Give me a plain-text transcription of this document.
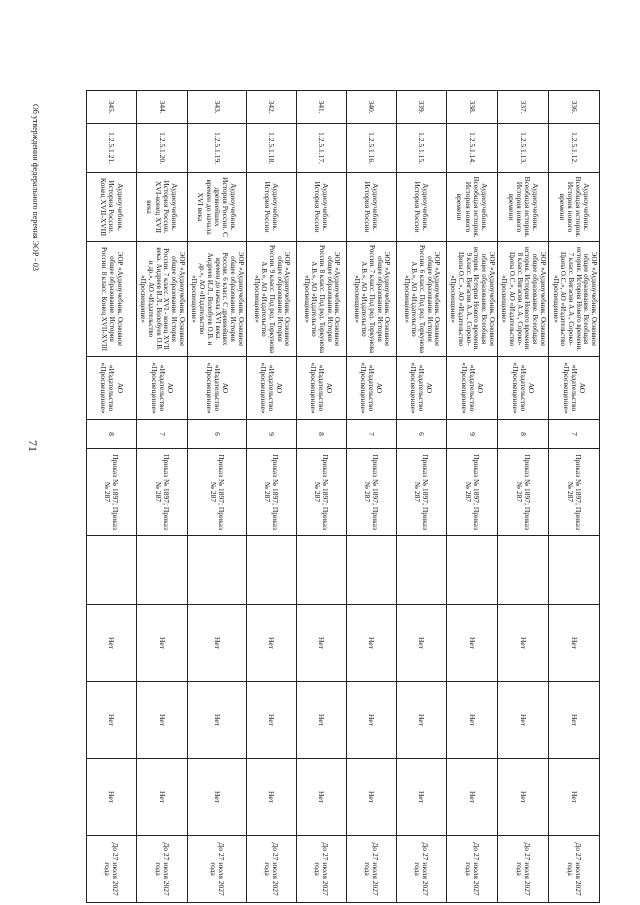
71
336.	1.2.5.1.12.	Аудиоучебник. Всеобщая история. История нового времени	ЭОР «Аудиоучебник. Основное общее образование. Всеобщая история. История Нового времени. 7 класс. Вигасин А.А., Сороко-Цюпа О.С.», АО «Издательство «Просвещение»	АО «Издательство «Просвещение»	7	Приказ № 1897; Приказ № 287		Нет	Нет	Нет	До 27 июля 2027 года
337.	1.2.5.1.13.	Аудиоучебник. Всеобщая история. История нового времени	ЭОР «Аудиоучебник. Основное общее образование. Всеобщая история. История Нового времени. 8 класс. Вигасин А.А., Сороко-Цюпа О.С.», АО «Издательство «Просвещение»	АО «Издательство «Просвещение»	8	Приказ № 1897; Приказ № 287		Нет	Нет	Нет	До 27 июля 2027 года
338.	1.2.5.1.14.	Аудиоучебник. Всеобщая история. История нового времени	ЭОР «Аудиоучебник. Основное общее образование. Всеобщая история. История Нового времени. 9 класс. Вигасин А.А., Сороко-Цюпа О.С.», АО «Издательство «Просвещение»	АО «Издательство «Просвещение»	9	Приказ № 1897; Приказ № 287		Нет	Нет	Нет	До 27 июля 2027 года
339.	1.2.5.1.15.	Аудиоучебник. История России	ЭОР «Аудиоучебник. Основное общее образование. История России. 6 класс. Под ред. Торкунова А.В.», АО «Издательство «Просвещение»	АО «Издательство «Просвещение»	6	Приказ № 1897; Приказ № 287		Нет	Нет	Нет	До 27 июля 2027 года
340.	1.2.5.1.16.	Аудиоучебник. История России	ЭОР «Аудиоучебник. Основное общее образование. История России. 7 класс. Под ред. Торкунова А.В.», АО «Издательство «Просвещение»	АО «Издательство «Просвещение»	7	Приказ № 1897; Приказ № 287		Нет	Нет	Нет	До 27 июля 2027 года
341.	1.2.5.1.17.	Аудиоучебник. История России	ЭОР «Аудиоучебник. Основное общее образование. История России. 8 класс. Под ред. Торкунова А.В.», АО «Издательство «Просвещение»	АО «Издательство «Просвещение»	8	Приказ № 1897; Приказ № 287		Нет	Нет	Нет	До 27 июля 2027 года
342.	1.2.5.1.18.	Аудиоучебник. История России	ЭОР «Аудиоучебник. Основное общее образование. История России. 9 класс. Под ред. Торкунова А.В.», АО «Издательство «Просвещение»	АО «Издательство «Просвещение»	9	Приказ № 1897; Приказ № 287		Нет	Нет	Нет	До 27 июля 2027 года
343.	1.2.5.1.19.	Аудиоучебник. История России. С древнейших времен до начала XVI века	ЭОР «Аудиоучебник. Основное общее образование. История России. 6 класс. С древнейших времен до начала XVI века. Андреев И.Л., Волобуев О.В. и др.», АО «Издательство «Просвещение»	АО «Издательство «Просвещение»	6	Приказ № 1897; Приказ № 287		Нет	Нет	Нет	До 27 июля 2027 года
344.	1.2.5.1.20.	Аудиоучебник. История России. XVI-конец XVII века	ЭОР «Аудиоучебник. Основное общее образование. История России. 7 класс. XVI - конец XVII века. Андреев И.Л., Волобуев О.В. и др.», АО «Издательство «Просвещение»	АО «Издательство «Просвещение»	7	Приказ № 1897; Приказ № 287		Нет	Нет	Нет	До 27 июля 2027 года
345.	1.2.5.1.21.	Аудиоучебник. История России. Конец XVII-XVIII	ЭОР «Аудиоучебник. Основное общее образование. История России. 8 класс. Конец XVII-XVIII	АО «Издательство «Просвещение»	8	Приказ № 1897; Приказ № 287		Нет	Нет	Нет	До 27 июля 2027 года
Об утверждении федерального перечня ЭОР - 03
